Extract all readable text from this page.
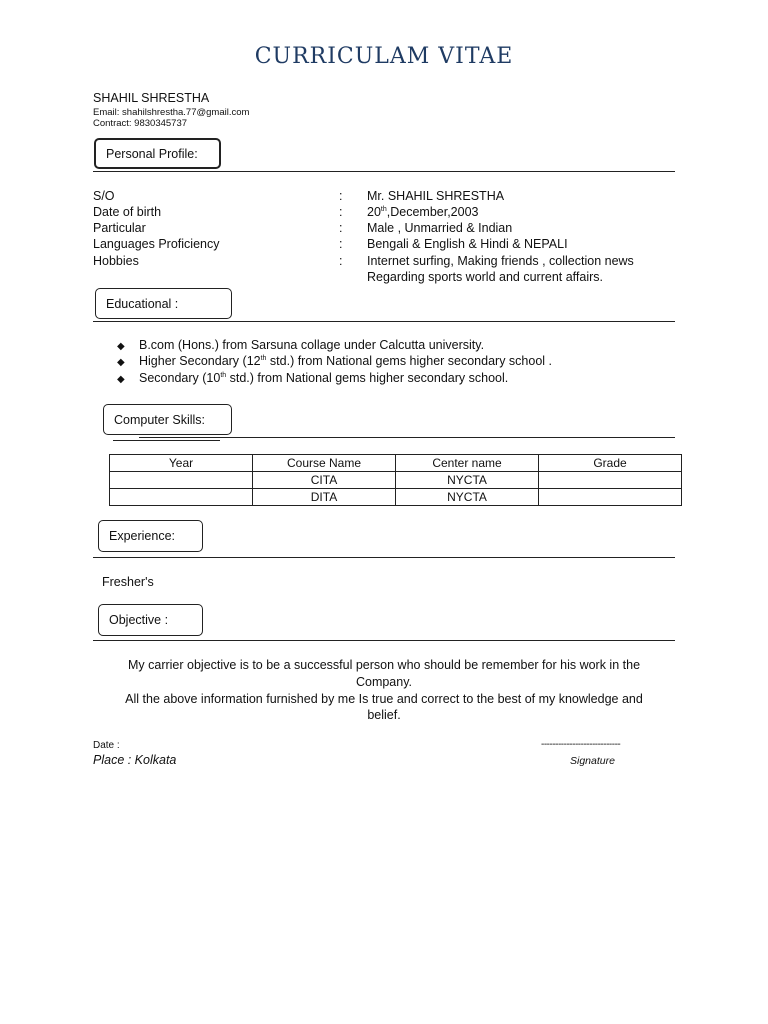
CURRICULAM VITAE
SHAHIL SHRESTHA
Email: shahilshrestha.77@gmail.com
Contract: 9830345737
Personal Profile:
S/O	: Mr. SHAHIL SHRESTHA
Date of birth	: 20th,December,2003
Particular	: Male , Unmarried & Indian
Languages Proficiency	: Bengali & English & Hindi & NEPALI
Hobbies	: Internet surfing, Making friends , collection news
Regarding sports world and current affairs.
Educational :
◆ B.com (Hons.) from Sarsuna collage under Calcutta university.
◆ Higher Secondary (12th std.) from National gems higher secondary school .
◆ Secondary (10th std.) from National gems higher secondary school.
Computer Skills:
Year	Course Name	Center name	Grade
	CITA	NYCTA	
	DITA	NYCTA	
Experience:
Fresher's
Objective :
My carrier objective is to be a successful person who should be remember for his work in the
Company.
All the above information furnished by me Is true and correct to the best of my knowledge and
belief.
Date :
Place : Kolkata
----------------------------
Signature
